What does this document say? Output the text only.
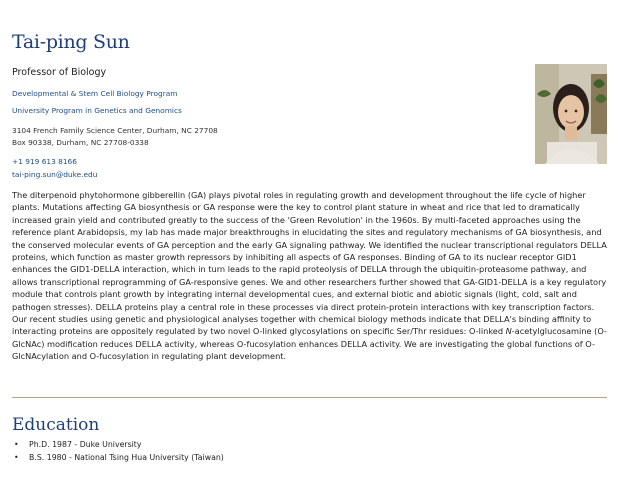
Tai-ping Sun
Professor of Biology
Developmental & Stem Cell Biology Program
University Program in Genetics and Genomics
3104 French Family Science Center, Durham, NC 27708
Box 90338, Durham, NC 27708-0338
+1 919 613 8166
tai-ping.sun@duke.edu
The diterpenoid phytohormone gibberellin (GA) plays pivotal roles in regulating growth and development throughout the life cycle of higher plants. Mutations affecting GA biosynthesis or GA response were the key to control plant stature in wheat and rice that led to dramatically increased grain yield and contributed greatly to the success of the 'Green Revolution' in the 1960s. By multi-faceted approaches using the reference plant Arabidopsis, my lab has made major breakthroughs in elucidating the sites and regulatory mechanisms of GA biosynthesis, and the conserved molecular events of GA perception and the early GA signaling pathway. We identified the nuclear transcriptional regulators DELLA proteins, which function as master growth repressors by inhibiting all aspects of GA responses. Binding of GA to its nuclear receptor GID1 enhances the GID1-DELLA interaction, which in turn leads to the rapid proteolysis of DELLA through the ubiquitin-proteasome pathway, and allows transcriptional reprogramming of GA-responsive genes. We and other researchers further showed that GA-GID1-DELLA is a key regulatory module that controls plant growth by integrating internal developmental cues, and external biotic and abiotic signals (light, cold, salt and pathogen stresses). DELLA proteins play a central role in these processes via direct protein-protein interactions with key transcription factors. Our recent studies using genetic and physiological analyses together with chemical biology methods indicate that DELLA's binding affinity to interacting proteins are oppositely regulated by two novel O-linked glycosylations on specific Ser/Thr residues: O-linked N-acetylglucosamine (O-GlcNAc) modification reduces DELLA activity, whereas O-fucosylation enhances DELLA activity. We are investigating the global functions of O-GlcNAcylation and O-fucosylation in regulating plant development.
Education
• Ph.D. 1987 - Duke University
• B.S. 1980 - National Tsing Hua University (Taiwan)
